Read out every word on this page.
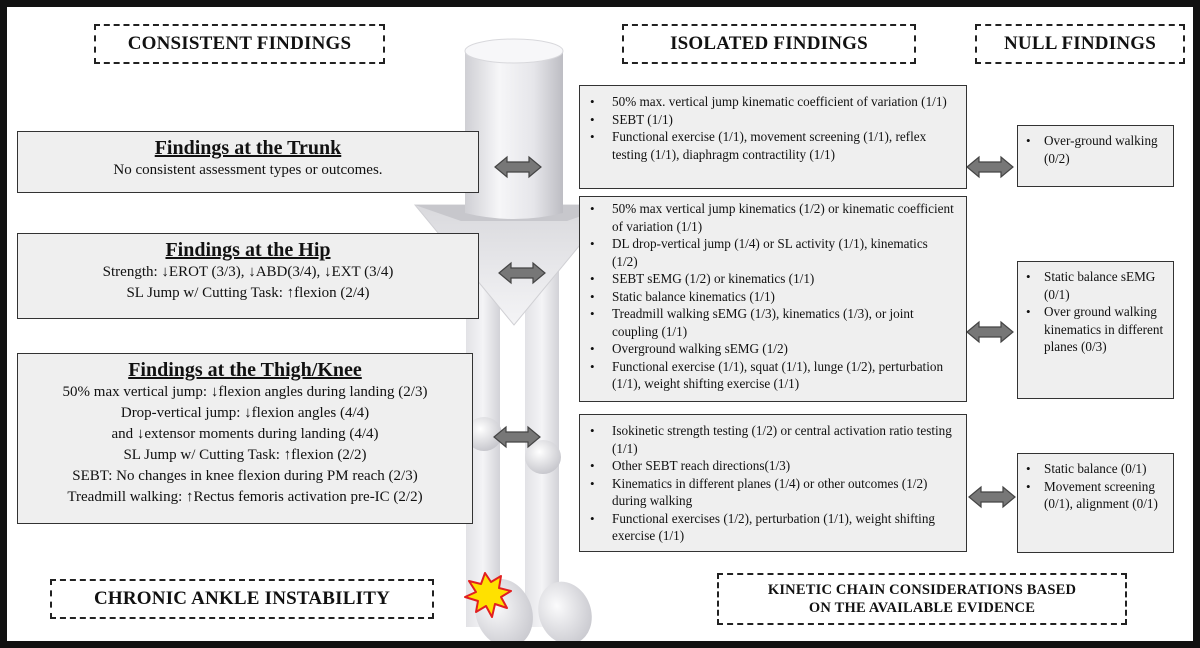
CONSISTENT FINDINGS	ISOLATED FINDINGS	NULL FINDINGS
Findings at the Trunk
No consistent assessment types or outcomes.
Findings at the Hip
Strength: ↓EROT (3/3), ↓ABD(3/4), ↓EXT (3/4)
SL Jump w/ Cutting Task: ↑flexion (2/4)
Findings at the Thigh/Knee
50% max vertical jump: ↓flexion angles during landing (2/3)
Drop-vertical jump: ↓flexion angles (4/4)
and ↓extensor moments during landing (4/4)
SL Jump w/ Cutting Task: ↑flexion (2/2)
SEBT: No changes in knee flexion during PM reach (2/3)
Treadmill walking: ↑Rectus femoris activation pre-IC (2/2)
• 50% max. vertical jump kinematic coefficient of variation (1/1)
• SEBT (1/1)
• Functional exercise (1/1), movement screening (1/1), reflex testing (1/1), diaphragm contractility (1/1)
• 50% max vertical jump kinematics (1/2) or kinematic coefficient of variation (1/1)
• DL drop-vertical jump (1/4) or SL activity (1/1), kinematics (1/2)
• SEBT sEMG (1/2) or kinematics (1/1)
• Static balance kinematics (1/1)
• Treadmill walking sEMG (1/3), kinematics (1/3), or joint coupling (1/1)
• Overground walking sEMG (1/2)
• Functional exercise (1/1), squat (1/1), lunge (1/2), perturbation (1/1), weight shifting exercise (1/1)
• Isokinetic strength testing (1/2) or central activation ratio testing (1/1)
• Other SEBT reach directions(1/3)
• Kinematics in different planes (1/4) or other outcomes (1/2) during walking
• Functional exercises (1/2), perturbation (1/1), weight shifting exercise (1/1)
• Over-ground walking (0/2)
• Static balance sEMG (0/1)
• Over ground walking kinematics in different planes (0/3)
• Static balance (0/1)
• Movement screening (0/1), alignment (0/1)
CHRONIC ANKLE INSTABILITY	KINETIC CHAIN CONSIDERATIONS BASED
ON THE AVAILABLE EVIDENCE
